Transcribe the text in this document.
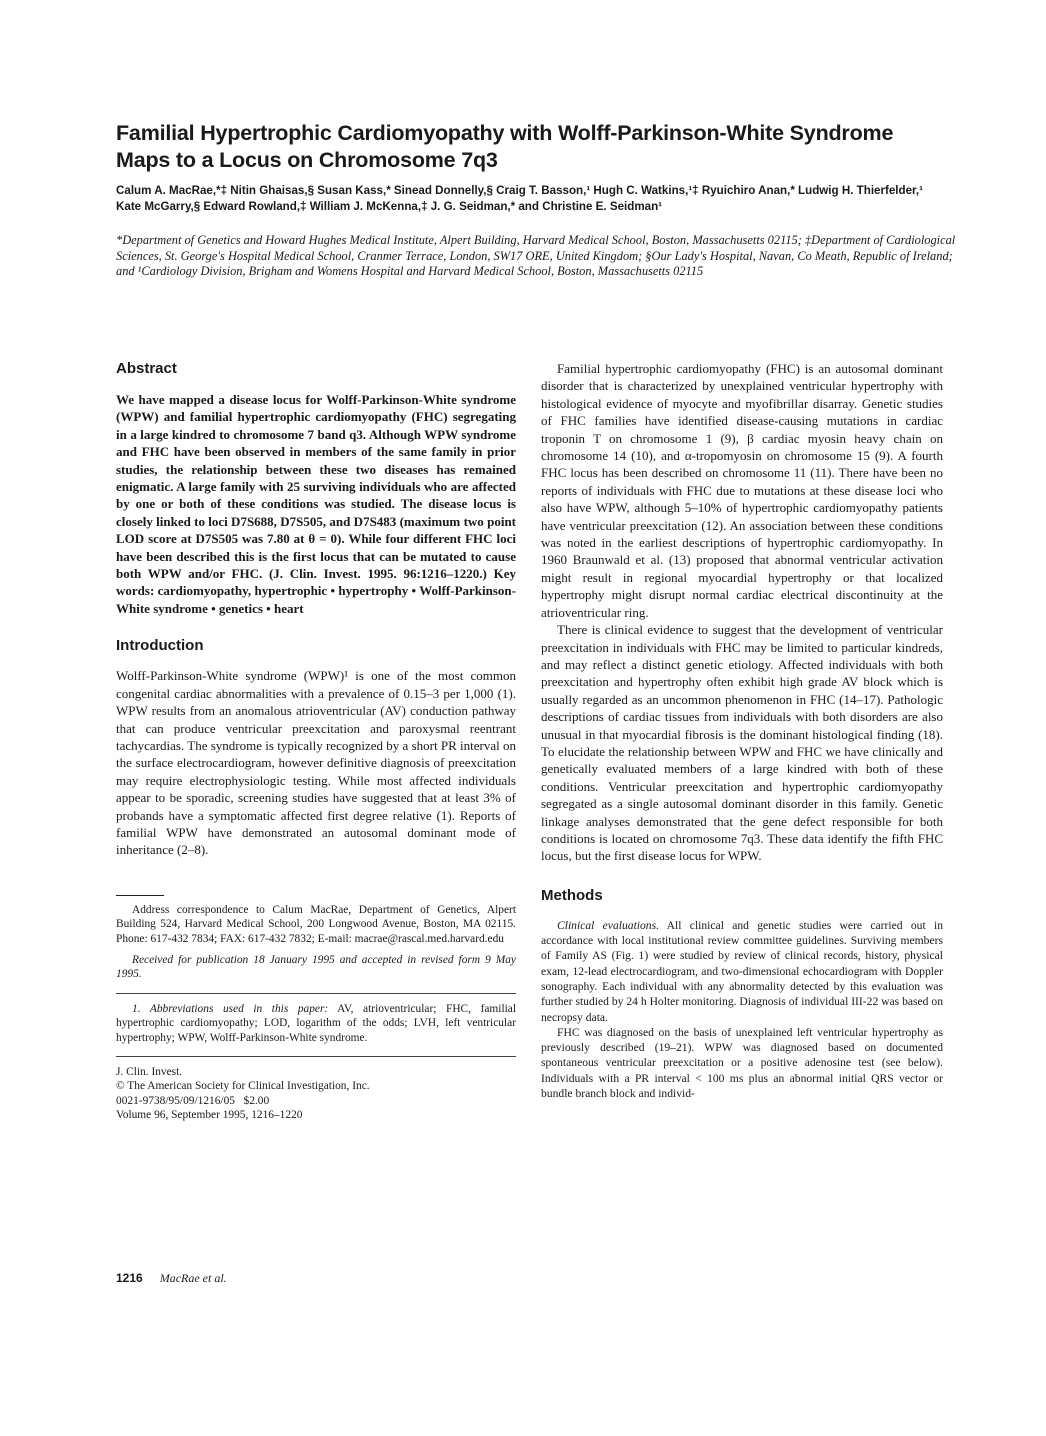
Familial Hypertrophic Cardiomyopathy with Wolff-Parkinson-White Syndrome Maps to a Locus on Chromosome 7q3

Calum A. MacRae,*‡ Nitin Ghaisas,§ Susan Kass,* Sinead Donnelly,§ Craig T. Basson,¹ Hugh C. Watkins,¹‡ Ryuichiro Anan,* Ludwig H. Thierfelder,¹ Kate McGarry,§ Edward Rowland,‡ William J. McKenna,‡ J. G. Seidman,* and Christine E. Seidman¹

*Department of Genetics and Howard Hughes Medical Institute, Alpert Building, Harvard Medical School, Boston, Massachusetts 02115; ‡Department of Cardiological Sciences, St. George's Hospital Medical School, Cranmer Terrace, London, SW17 ORE, United Kingdom; §Our Lady's Hospital, Navan, Co Meath, Republic of Ireland; and ¹Cardiology Division, Brigham and Womens Hospital and Harvard Medical School, Boston, Massachusetts 02115

Abstract

We have mapped a disease locus for Wolff-Parkinson-White syndrome (WPW) and familial hypertrophic cardiomyopathy (FHC) segregating in a large kindred to chromosome 7 band q3. Although WPW syndrome and FHC have been observed in members of the same family in prior studies, the relationship between these two diseases has remained enigmatic. A large family with 25 surviving individuals who are affected by one or both of these conditions was studied. The disease locus is closely linked to loci D7S688, D7S505, and D7S483 (maximum two point LOD score at D7S505 was 7.80 at θ = 0). While four different FHC loci have been described this is the first locus that can be mutated to cause both WPW and/or FHC. (J. Clin. Invest. 1995. 96:1216–1220.) Key words: cardiomyopathy, hypertrophic • hypertrophy • Wolff-Parkinson-White syndrome • genetics • heart

Introduction

Wolff-Parkinson-White syndrome (WPW)¹ is one of the most common congenital cardiac abnormalities with a prevalence of 0.15–3 per 1,000 (1). WPW results from an anomalous atrioventricular (AV) conduction pathway that can produce ventricular preexcitation and paroxysmal reentrant tachycardias. The syndrome is typically recognized by a short PR interval on the surface electrocardiogram, however definitive diagnosis of preexcitation may require electrophysiologic testing. While most affected individuals appear to be sporadic, screening studies have suggested that at least 3% of probands have a symptomatic affected first degree relative (1). Reports of familial WPW have demonstrated an autosomal dominant mode of inheritance (2–8).

Address correspondence to Calum MacRae, Department of Genetics, Alpert Building 524, Harvard Medical School, 200 Longwood Avenue, Boston, MA 02115. Phone: 617-432 7834; FAX: 617-432 7832; E-mail: macrae@rascal.med.harvard.edu

Received for publication 18 January 1995 and accepted in revised form 9 May 1995.

1. Abbreviations used in this paper: AV, atrioventricular; FHC, familial hypertrophic cardiomyopathy; LOD, logarithm of the odds; LVH, left ventricular hypertrophy; WPW, Wolff-Parkinson-White syndrome.

J. Clin. Invest.

© The American Society for Clinical Investigation, Inc.

0021-9738/95/09/1216/05   $2.00

Volume 96, September 1995, 1216–1220

Familial hypertrophic cardiomyopathy (FHC) is an autosomal dominant disorder that is characterized by unexplained ventricular hypertrophy with histological evidence of myocyte and myofibrillar disarray. Genetic studies of FHC families have identified disease-causing mutations in cardiac troponin T on chromosome 1 (9), β cardiac myosin heavy chain on chromosome 14 (10), and α-tropomyosin on chromosome 15 (9). A fourth FHC locus has been described on chromosome 11 (11). There have been no reports of individuals with FHC due to mutations at these disease loci who also have WPW, although 5–10% of hypertrophic cardiomyopathy patients have ventricular preexcitation (12). An association between these conditions was noted in the earliest descriptions of hypertrophic cardiomyopathy. In 1960 Braunwald et al. (13) proposed that abnormal ventricular activation might result in regional myocardial hypertrophy or that localized hypertrophy might disrupt normal cardiac electrical discontinuity at the atrioventricular ring.

There is clinical evidence to suggest that the development of ventricular preexcitation in individuals with FHC may be limited to particular kindreds, and may reflect a distinct genetic etiology. Affected individuals with both preexcitation and hypertrophy often exhibit high grade AV block which is usually regarded as an uncommon phenomenon in FHC (14–17). Pathologic descriptions of cardiac tissues from individuals with both disorders are also unusual in that myocardial fibrosis is the dominant histological finding (18). To elucidate the relationship between WPW and FHC we have clinically and genetically evaluated members of a large kindred with both of these conditions. Ventricular preexcitation and hypertrophic cardiomyopathy segregated as a single autosomal dominant disorder in this family. Genetic linkage analyses demonstrated that the gene defect responsible for both conditions is located on chromosome 7q3. These data identify the fifth FHC locus, but the first disease locus for WPW.

Methods

Clinical evaluations. All clinical and genetic studies were carried out in accordance with local institutional review committee guidelines. Surviving members of Family AS (Fig. 1) were studied by review of clinical records, history, physical exam, 12-lead electrocardiogram, and two-dimensional echocardiogram with Doppler sonography. Each individual with any abnormality detected by this evaluation was further studied by 24 h Holter monitoring. Diagnosis of individual III-22 was based on necropsy data.

FHC was diagnosed on the basis of unexplained left ventricular hypertrophy as previously described (19–21). WPW was diagnosed based on documented spontaneous ventricular preexcitation or a positive adenosine test (see below). Individuals with a PR interval < 100 ms plus an abnormal initial QRS vector or bundle branch block and individ-

1216 MacRae et al.
